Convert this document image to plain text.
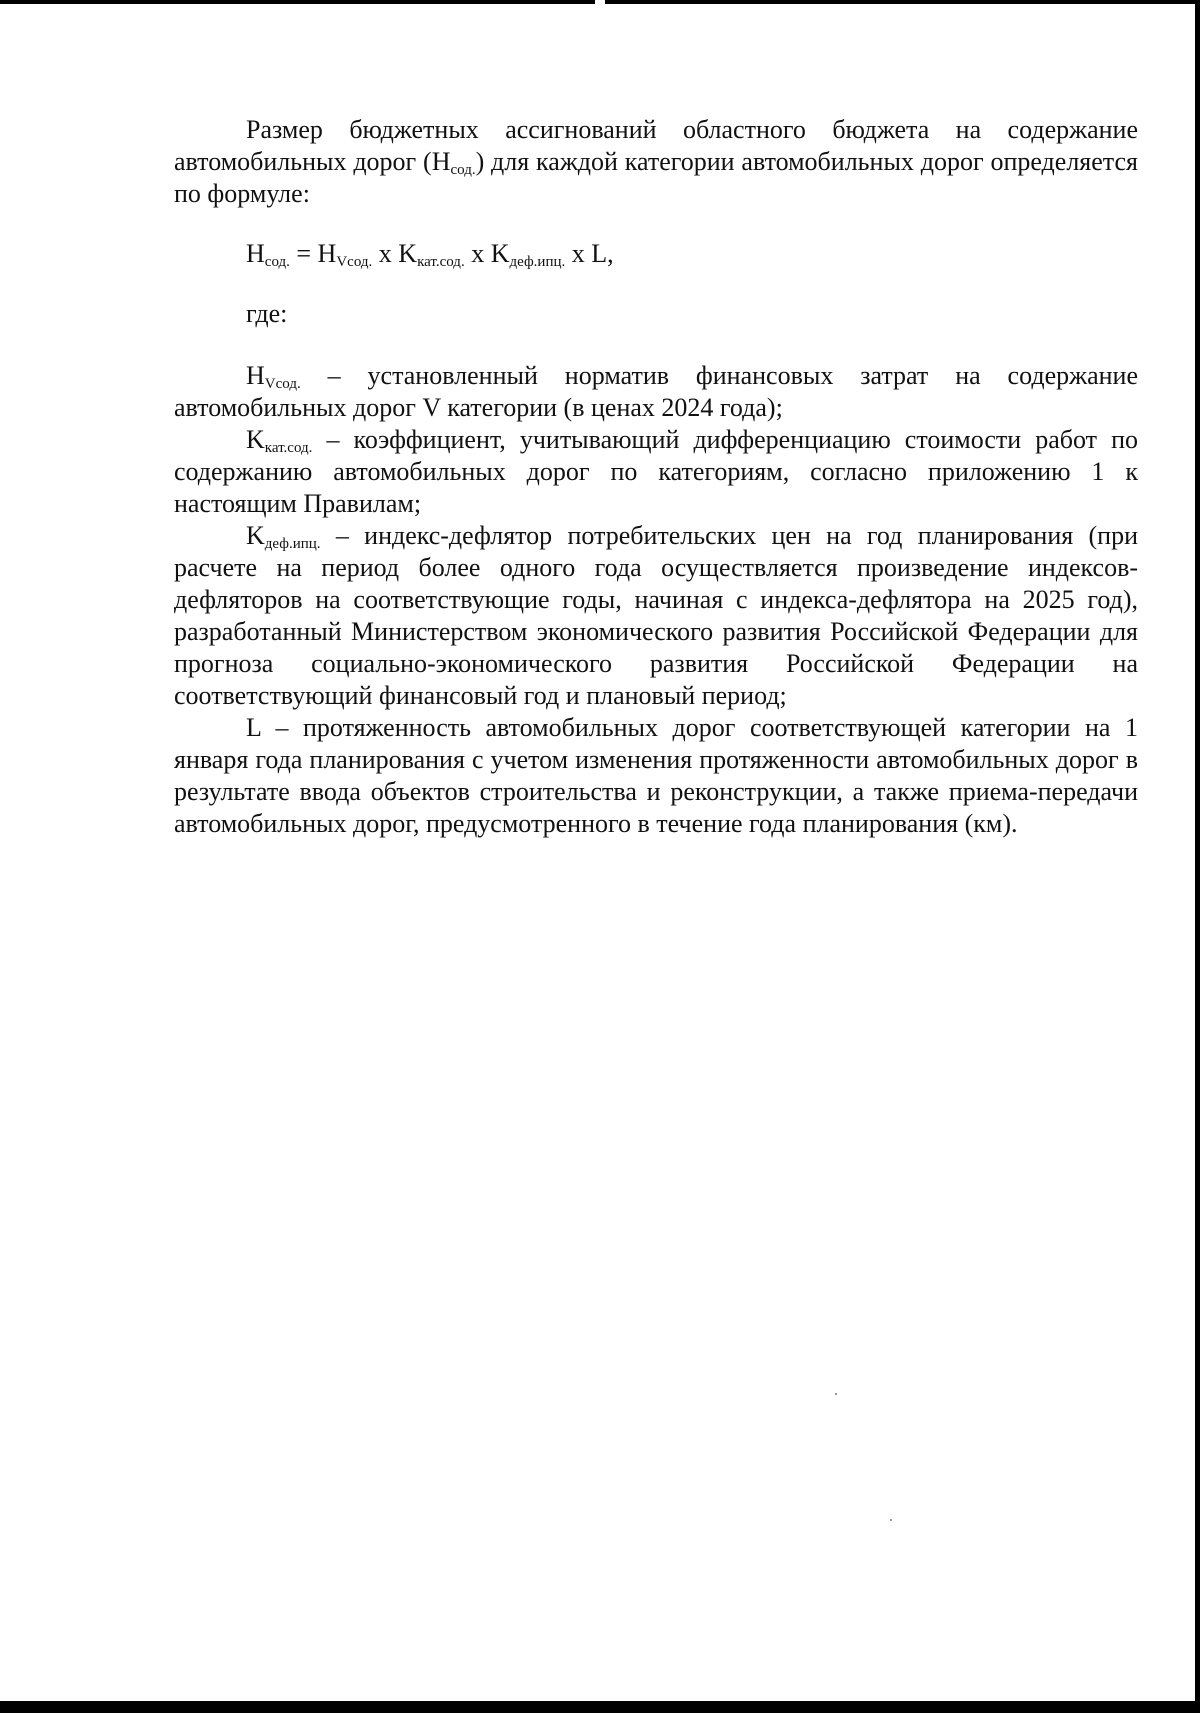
Размер бюджетных ассигнований областного бюджета на содержание автомобильных дорог $(Н_{сод.})$ для каждой категории автомобильных дорог определяется по формуле:

$Н_{сод.} = Н_{Vсод.}$ x $K_{кат.сод.}$ x $K_{деф.ипц.}$ x L,

где:

$Н_{Vсод.}$ – установленный норматив финансовых затрат на содержание автомобильных дорог V категории (в ценах 2024 года);

$K_{кат.сод.}$ – коэффициент, учитывающий дифференциацию стоимости работ по содержанию автомобильных дорог по категориям, согласно приложению 1 к настоящим Правилам;

$K_{деф.ипц.}$ – индекс-дефлятор потребительских цен на год планирования (при расчете на период более одного года осуществляется произведение индексов-дефляторов на соответствующие годы, начиная с индекса-дефлятора на 2025 год), разработанный Министерством экономического развития Российской Федерации для прогноза социально-экономического развития Российской Федерации на соответствующий финансовый год и плановый период;

L – протяженность автомобильных дорог соответствующей категории на 1 января года планирования с учетом изменения протяженности автомобильных дорог в результате ввода объектов строительства и реконструкции, а также приема-передачи автомобильных дорог, предусмотренного в течение года планирования (км).
